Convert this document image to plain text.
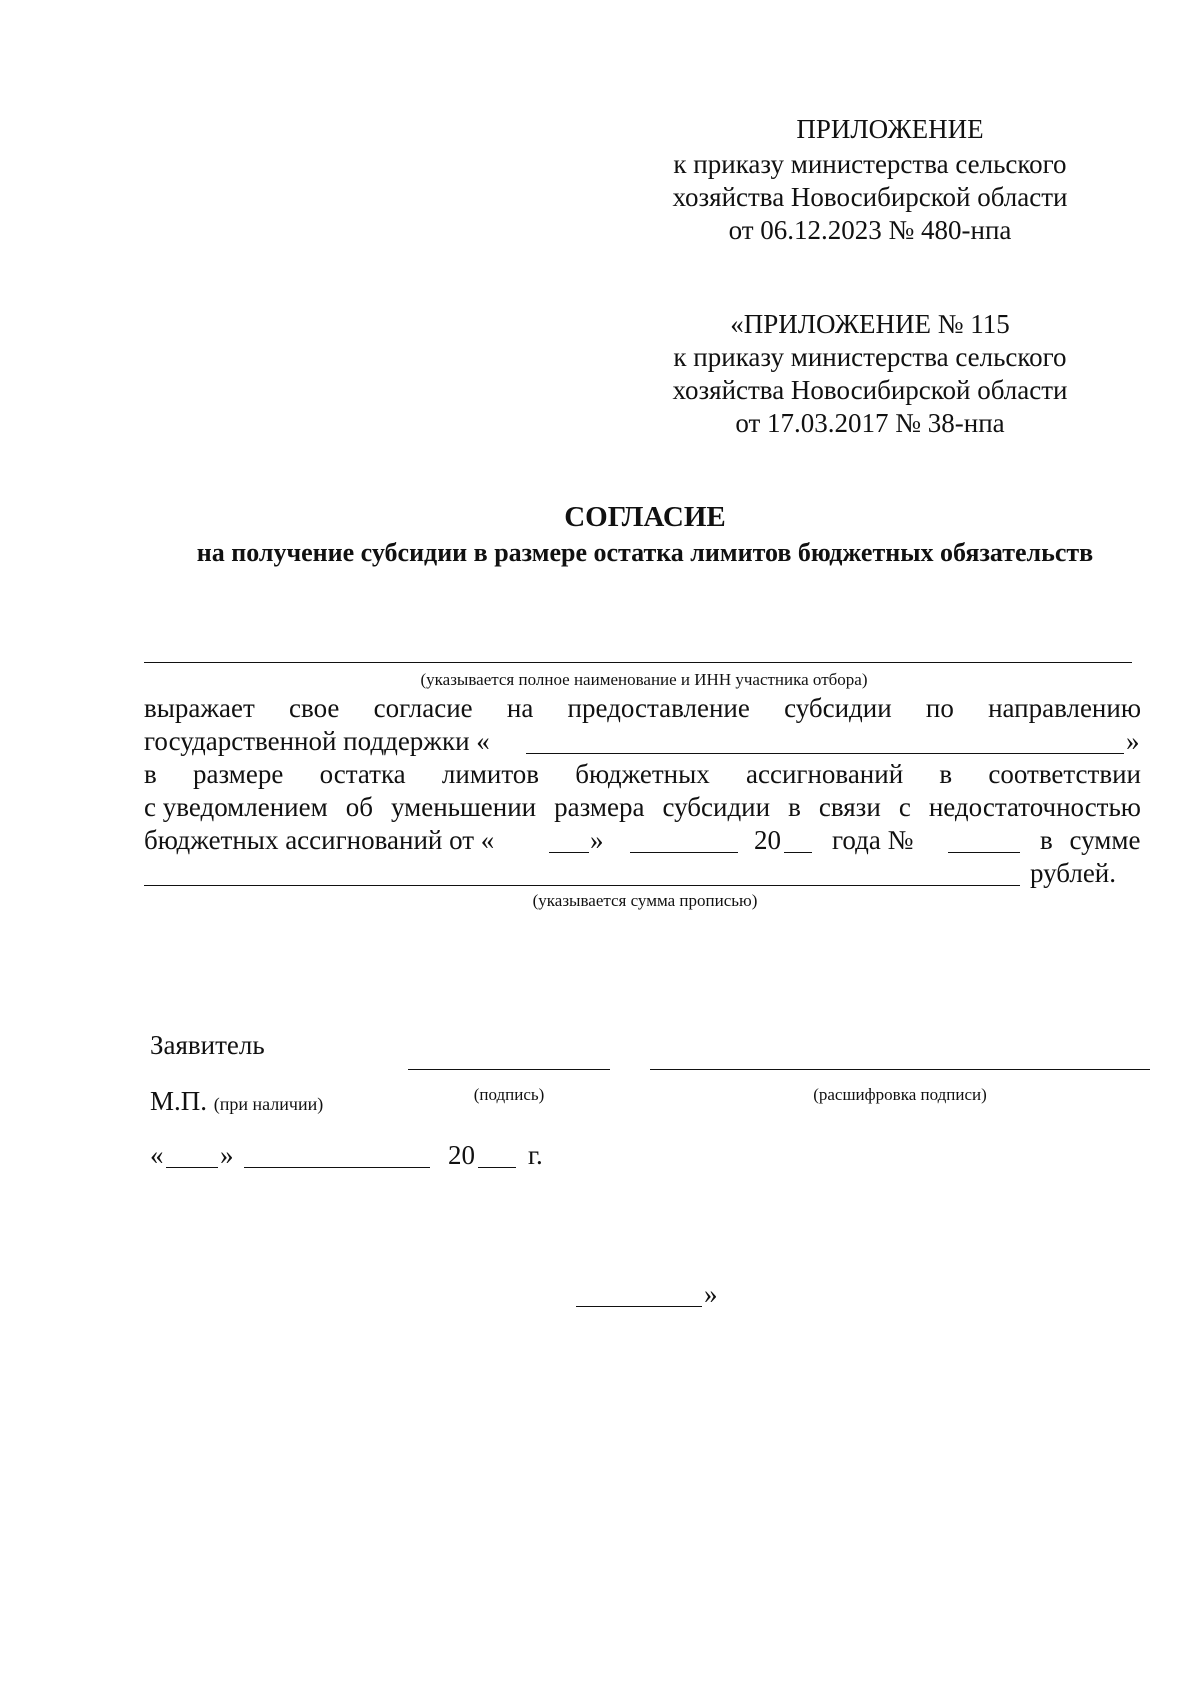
ПРИЛОЖЕНИЕ
к приказу министерства сельского
хозяйства Новосибирской области
от 06.12.2023 № 480-нпа
«ПРИЛОЖЕНИЕ № 115
к приказу министерства сельского
хозяйства Новосибирской области
от 17.03.2017 № 38-нпа
СОГЛАСИЕ
на получение субсидии в размере остатка лимитов бюджетных обязательств
(указывается полное наименование и ИНН участника отбора)
выражает свое согласие на предоставление субсидии по направлению
государственной поддержки «	»
в размере остатка лимитов бюджетных ассигнований в соответствии
с уведомлением об уменьшении размера субсидии в связи с недостаточностью
бюджетных ассигнований от «	»	20 года №	в сумме
рублей.
(указывается сумма прописью)
Заявитель
М.П. (при наличии)	(подпись)	(расшифровка подписи)
« »	20 г.
»
